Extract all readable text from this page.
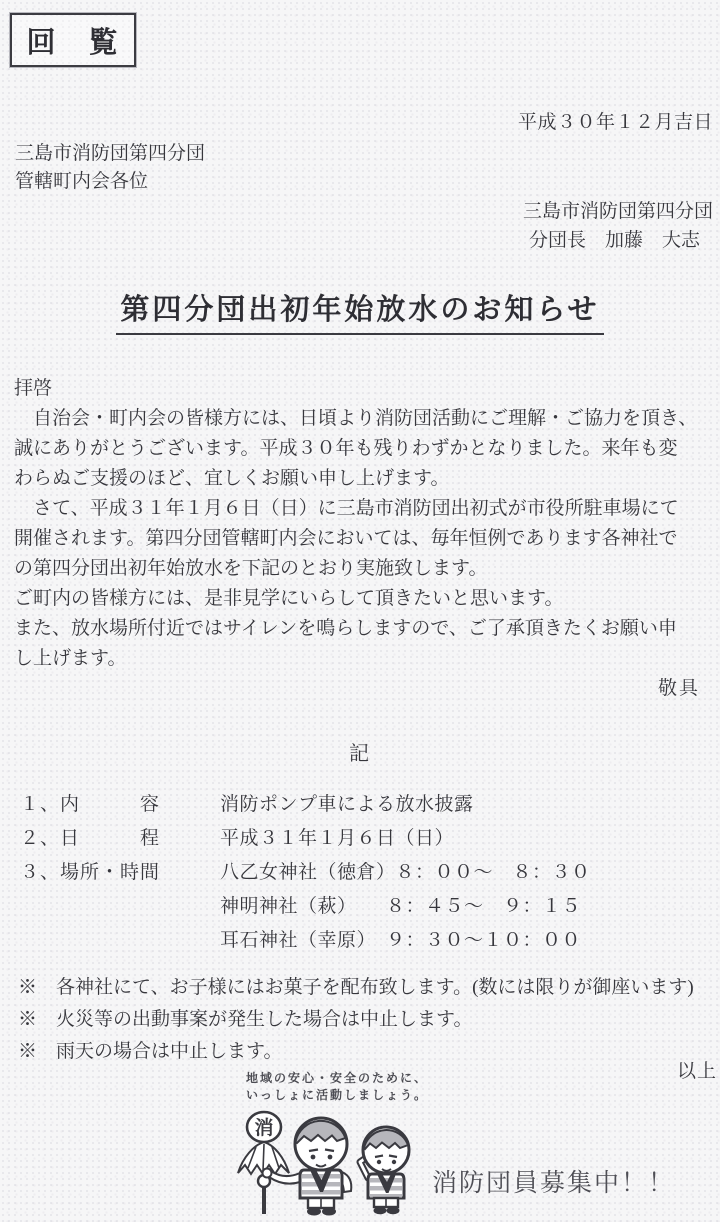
回　覧
平成３０年１２月吉日
三島市消防団第四分団
管轄町内会各位
三島市消防団第四分団
分団長　加藤　大志
第四分団出初年始放水のお知らせ
拝啓
　自治会・町内会の皆様方には、日頃より消防団活動にご理解・ご協力を頂き、
誠にありがとうございます。平成３０年も残りわずかとなりました。来年も変
わらぬご支援のほど、宜しくお願い申し上げます。
　さて、平成３１年１月６日（日）に三島市消防団出初式が市役所駐車場にて
開催されます。第四分団管轄町内会においては、毎年恒例であります各神社で
の第四分団出初年始放水を下記のとおり実施致します。
ご町内の皆様方には、是非見学にいらして頂きたいと思います。
また、放水場所付近ではサイレンを鳴らしますので、ご了承頂きたくお願い申
し上げます。
敬具
記
１、内　　　容	消防ポンプ車による放水披露
２、日　　　程	平成３１年１月６日（日）
３、場所・時間	八乙女神社（徳倉）８：００～　８：３０
神明神社（萩）　　８：４５～　９：１５
耳石神社（幸原）　９：３０～１０：００
※　各神社にて、お子様にはお菓子を配布致します。(数には限りが御座います)
※　火災等の出動事案が発生した場合は中止します。
※　雨天の場合は中止します。
以上
地域の安心・安全のために、
いっしょに活動しましょう。
消
消防団員募集中！！
